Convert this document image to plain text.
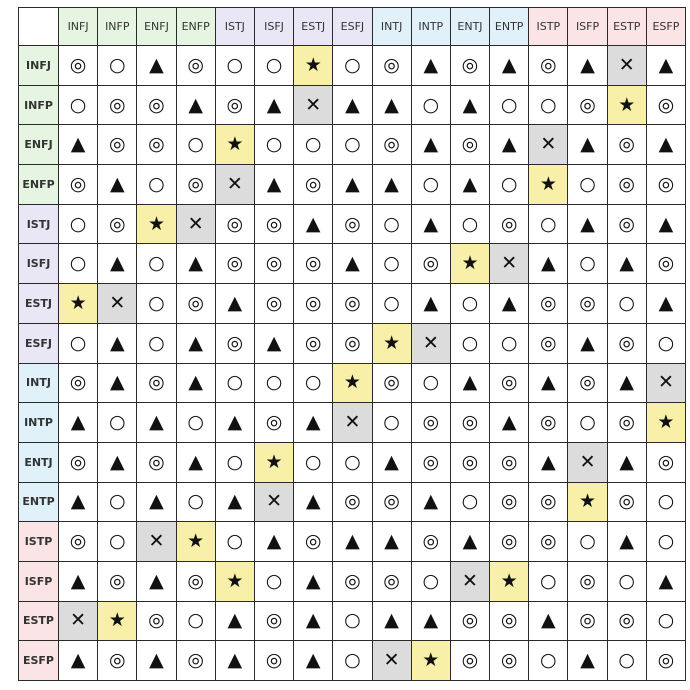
	INFJ	INFP	ENFJ	ENFP	ISTJ	ISFJ	ESTJ	ESFJ	INTJ	INTP	ENTJ	ENTP	ISTP	ISFP	ESTP	ESFP
INFJ	◎	○	▲	◎	○	○	★	○	◎	▲	◎	▲	◎	▲	✕	▲
INFP	○	◎	◎	▲	◎	▲	✕	▲	▲	○	▲	○	○	◎	★	◎
ENFJ	▲	◎	◎	○	★	○	○	○	◎	▲	◎	▲	✕	▲	◎	▲
ENFP	◎	▲	○	◎	✕	▲	◎	▲	▲	○	▲	○	★	○	◎	◎
ISTJ	○	◎	★	✕	◎	◎	▲	◎	○	▲	○	◎	○	▲	◎	▲
ISFJ	○	▲	○	▲	◎	◎	◎	▲	○	◎	★	✕	▲	○	▲	◎
ESTJ	★	✕	○	◎	▲	◎	◎	◎	○	▲	○	▲	◎	◎	○	▲
ESFJ	○	▲	○	▲	◎	▲	◎	◎	★	✕	○	○	◎	▲	◎	○
INTJ	◎	▲	◎	▲	○	○	○	★	◎	○	▲	◎	▲	◎	▲	✕
INTP	▲	○	▲	○	▲	◎	▲	✕	○	◎	◎	▲	◎	○	◎	★
ENTJ	◎	▲	◎	▲	○	★	○	○	▲	◎	◎	◎	▲	✕	▲	◎
ENTP	▲	○	▲	○	▲	✕	▲	◎	◎	▲	○	◎	◎	★	◎	○
ISTP	◎	○	✕	★	○	▲	◎	▲	▲	◎	▲	◎	◎	○	▲	○
ISFP	▲	◎	▲	◎	★	○	▲	◎	◎	○	✕	★	○	◎	○	▲
ESTP	✕	★	◎	○	▲	◎	▲	○	▲	▲	◎	◎	▲	◎	◎	○
ESFP	▲	◎	▲	◎	▲	◎	▲	○	✕	★	◎	◎	○	▲	○	◎
